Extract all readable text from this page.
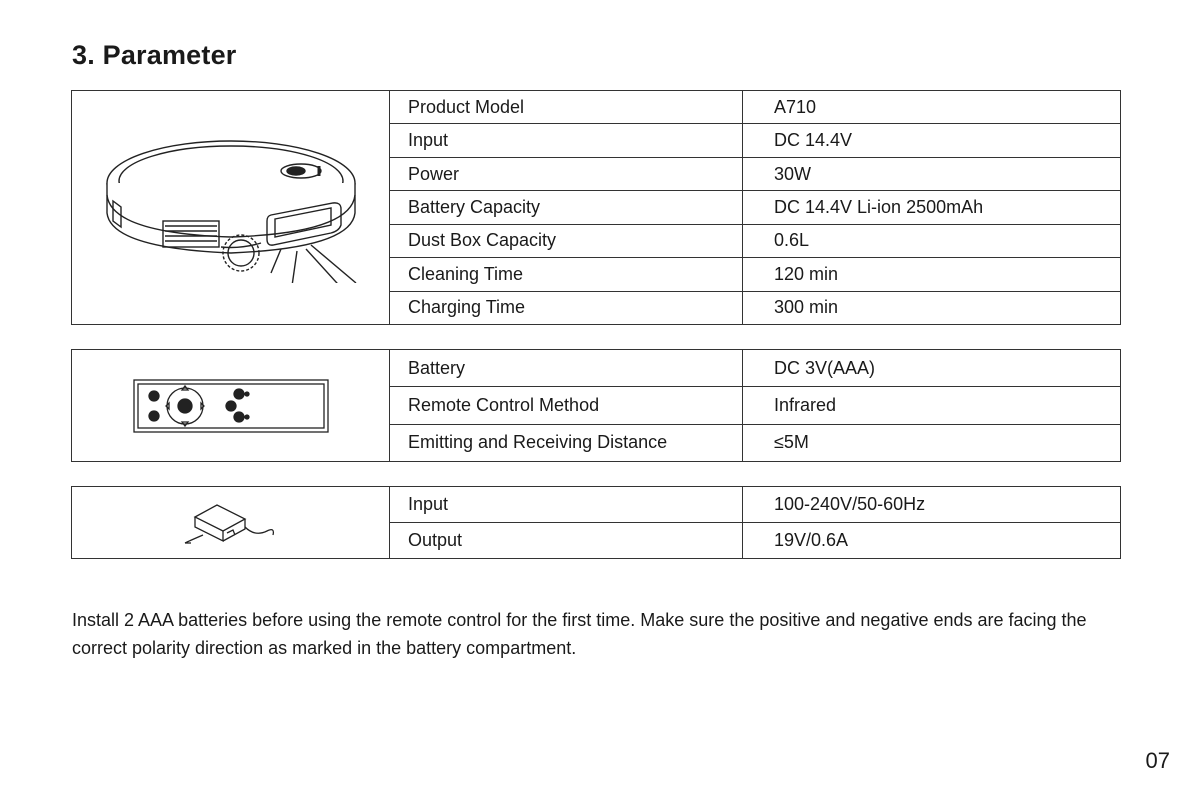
3. Parameter
Product Model	A710
Input	DC 14.4V
Power	30W
Battery Capacity	DC 14.4V Li-ion 2500mAh
Dust Box Capacity	0.6L
Cleaning Time	120 min
Charging Time	300 min
Battery	DC 3V(AAA)
Remote Control Method	Infrared
Emitting and Receiving Distance	≤5M
Input	100-240V/50-60Hz
Output	19V/0.6A

Install 2 AAA batteries before using the remote control for the first time. Make sure the positive and negative ends are facing the correct polarity direction as marked in the battery compartment.

07
